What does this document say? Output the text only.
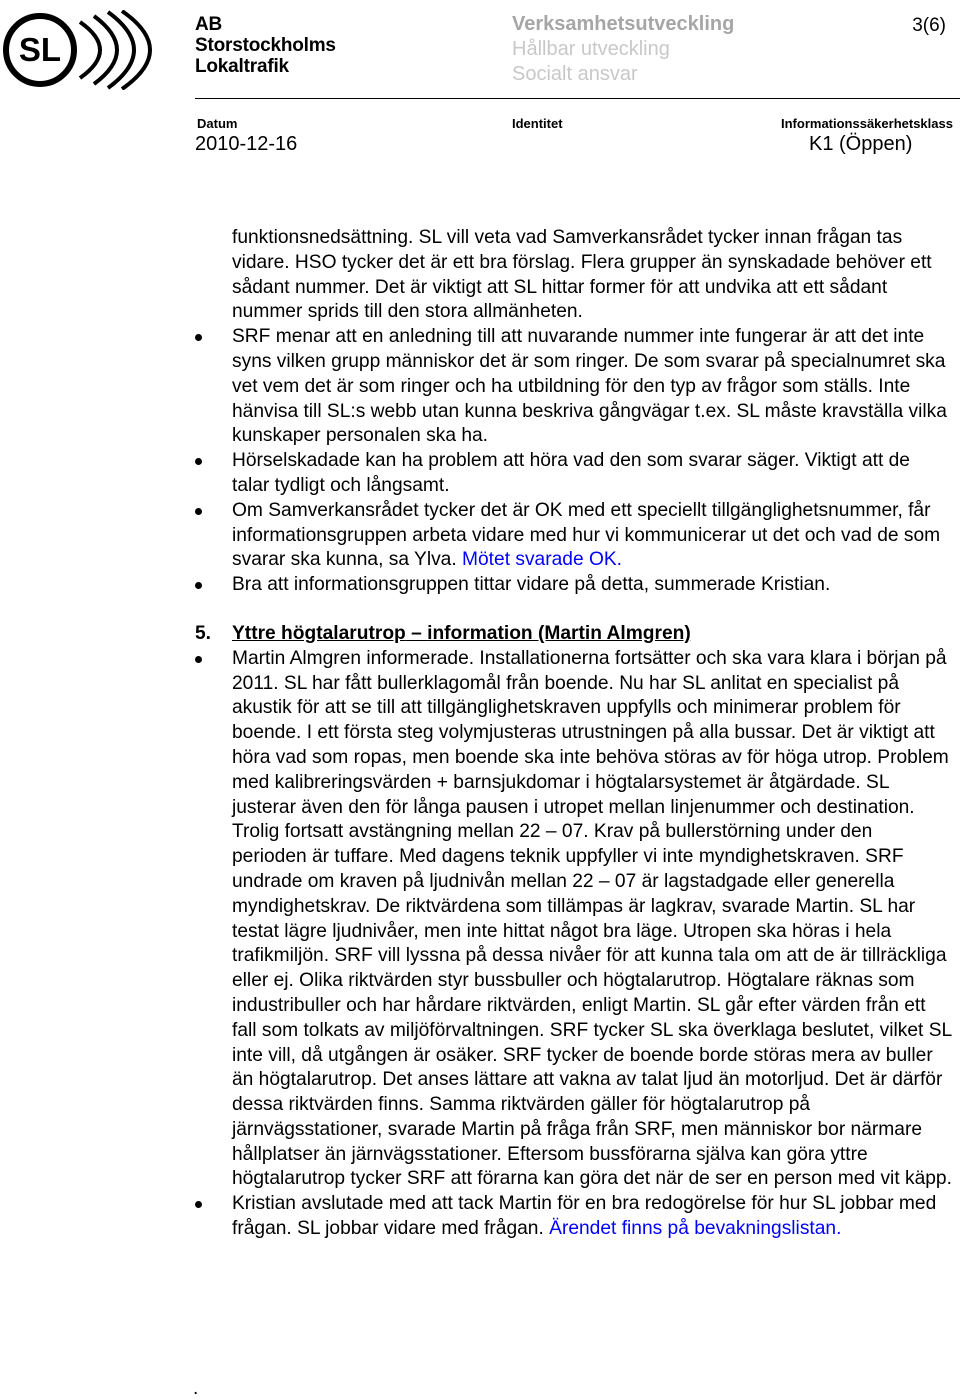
SL
AB
Storstockholms
Lokaltrafik
Verksamhetsutveckling
Hållbar utveckling
Socialt ansvar
3(6)
Datum
2010-12-16
Identitet	Informationssäkerhetsklass
K1 (Öppen)

funktionsnedsättning. SL vill veta vad Samverkansrådet tycker innan frågan tas vidare. HSO tycker det är ett bra förslag. Flera grupper än synskadade behöver ett sådant nummer. Det är viktigt att SL hittar former för att undvika att ett sådant nummer sprids till den stora allmänheten.

SRF menar att en anledning till att nuvarande nummer inte fungerar är att det inte syns vilken grupp människor det är som ringer. De som svarar på specialnumret ska vet vem det är som ringer och ha utbildning för den typ av frågor som ställs. Inte hänvisa till SL:s webb utan kunna beskriva gångvägar t.ex. SL måste kravställa vilka kunskaper personalen ska ha.
Hörselskadade kan ha problem att höra vad den som svarar säger. Viktigt att de talar tydligt och långsamt.
Om Samverkansrådet tycker det är OK med ett speciellt tillgänglighetsnummer, får informationsgruppen arbeta vidare med hur vi kommunicerar ut det och vad de som svarar ska kunna, sa Ylva. Mötet svarade OK.
Bra att informationsgruppen tittar vidare på detta, summerade Kristian.
5. Yttre högtalarutrop – information (Martin Almgren)
Martin Almgren informerade. Installationerna fortsätter och ska vara klara i början på 2011. SL har fått bullerklagomål från boende. Nu har SL anlitat en specialist på akustik för att se till att tillgänglighetskraven uppfylls och minimerar problem för boende. I ett första steg volymjusteras utrustningen på alla bussar. Det är viktigt att höra vad som ropas, men boende ska inte behöva störas av för höga utrop. Problem med kalibreringsvärden + barnsjukdomar i högtalarsystemet är åtgärdade. SL justerar även den för långa pausen i utropet mellan linjenummer och destination. Trolig fortsatt avstängning mellan 22 – 07. Krav på bullerstörning under den perioden är tuffare. Med dagens teknik uppfyller vi inte myndighetskraven. SRF undrade om kraven på ljudnivån mellan 22 – 07 är lagstadgade eller generella myndighetskrav. De riktvärdena som tillämpas är lagkrav, svarade Martin. SL har testat lägre ljudnivåer, men inte hittat något bra läge. Utropen ska höras i hela trafikmiljön. SRF vill lyssna på dessa nivåer för att kunna tala om att de är tillräckliga eller ej. Olika riktvärden styr bussbuller och högtalarutrop. Högtalare räknas som industribuller och har hårdare riktvärden, enligt Martin. SL går efter värden från ett fall som tolkats av miljöförvaltningen. SRF tycker SL ska överklaga beslutet, vilket SL inte vill, då utgången är osäker. SRF tycker de boende borde störas mera av buller än högtalarutrop. Det anses lättare att vakna av talat ljud än motorljud. Det är därför dessa riktvärden finns. Samma riktvärden gäller för högtalarutrop på järnvägsstationer, svarade Martin på fråga från SRF, men människor bor närmare hållplatser än järnvägsstationer. Eftersom bussförarna själva kan göra yttre högtalarutrop tycker SRF att förarna kan göra det när de ser en person med vit käpp.
Kristian avslutade med att tack Martin för en bra redogörelse för hur SL jobbar med frågan. SL jobbar vidare med frågan. Ärendet finns på bevakningslistan.
.
